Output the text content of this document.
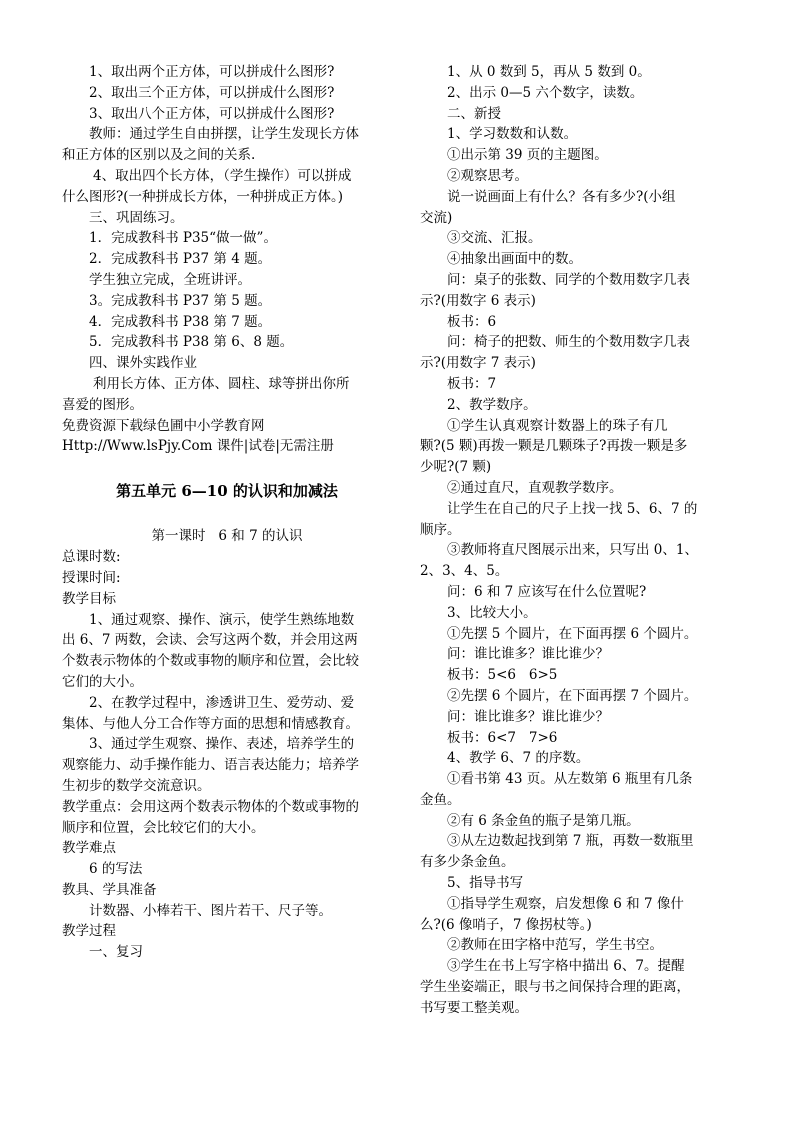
1、取出两个正方体，可以拼成什么图形?
2、取出三个正方体，可以拼成什么图形?
3、取出八个正方体，可以拼成什么图形?
教师：通过学生自由拼摆，让学生发现长方体
和正方体的区别以及之间的关系.
4、取出四个长方体，（学生操作）可以拼成
什么图形?(一种拼成长方体，一种拼成正方体。)
三、巩固练习。
1．完成教科书 P35“做一做”。
2．完成教科书 P37 第 4 题。
学生独立完成，全班讲评。
3。完成教科书 P37 第 5 题。
4．完成教科书 P38 第 7 题。
5．完成教科书 P38 第 6、8 题。
四、课外实践作业
利用长方体、正方体、圆柱、球等拼出你所
喜爱的图形。
免费资源下载绿色圃中小学教育网
Http://Www.lsPjy.Com 课件|试卷|无需注册
第五单元 6—10 的认识和加减法
第一课时   6 和 7 的认识
总课时数:
授课时间:
教学目标
1、通过观察、操作、演示，使学生熟练地数
出 6、7 两数，会读、会写这两个数，并会用这两
个数表示物体的个数或事物的顺序和位置，会比较
它们的大小。
2、在教学过程中，渗透讲卫生、爱劳动、爱
集体、与他人分工合作等方面的思想和情感教育。
3、通过学生观察、操作、表述，培养学生的
观察能力、动手操作能力、语言表达能力；培养学
生初步的数学交流意识。
教学重点：会用这两个数表示物体的个数或事物的
顺序和位置，会比较它们的大小。
教学难点
6 的写法
教具、学具准备
计数器、小棒若干、图片若干、尺子等。
教学过程
一、复习
1、从 0 数到 5，再从 5 数到 0。
2、出示 0—5 六个数字，读数。
二、新授
1、学习数数和认数。
①出示第 39 页的主题图。
②观察思考。
说一说画面上有什么？各有多少?(小组
交流)
③交流、汇报。
④抽象出画面中的数。
问：桌子的张数、同学的个数用数字几表
示?(用数字 6 表示)
板书：6
问：椅子的把数、师生的个数用数字几表
示?(用数字 7 表示)
板书：7
2、教学数序。
①学生认真观察计数器上的珠子有几
颗?(5 颗)再拨一颗是几颗珠子?再拨一颗是多
少呢?(7 颗)
②通过直尺，直观教学数序。
让学生在自己的尺子上找一找 5、6、7 的
顺序。
③教师将直尺图展示出来，只写出 0、1、
2、3、4、5。
问：6 和 7 应该写在什么位置呢?
3、比较大小。
①先摆 5 个圆片，在下面再摆 6 个圆片。
问：谁比谁多？谁比谁少？
板书：5<6   6>5
②先摆 6 个圆片，在下面再摆 7 个圆片。
问：谁比谁多？谁比谁少？
板书：6<7   7>6
4、教学 6、7 的序数。
①看书第 43 页。从左数第 6 瓶里有几条
金鱼。
②有 6 条金鱼的瓶子是第几瓶。
③从左边数起找到第 7 瓶，再数一数瓶里
有多少条金鱼。
5、指导书写
①指导学生观察，启发想像 6 和 7 像什
么?(6 像哨子，7 像拐杖等。)
②教师在田字格中范写，学生书空。
③学生在书上写字格中描出 6、7。提醒
学生坐姿端正，眼与书之间保持合理的距离，
书写要工整美观。
